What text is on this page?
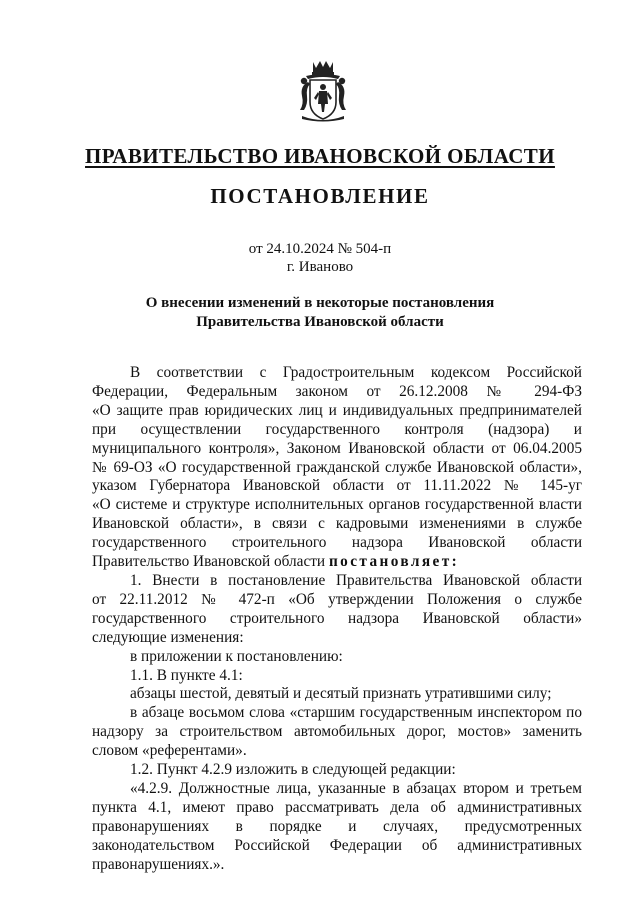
ПРАВИТЕЛЬСТВО ИВАНОВСКОЙ ОБЛАСТИ
ПОСТАНОВЛЕНИЕ
от 24.10.2024 № 504-п
г. Иваново
О внесении изменений в некоторые постановления
Правительства Ивановской области
В соответствии с Градостроительным кодексом Российской
Федерации, Федеральным законом от 26.12.2008 № 294-ФЗ
«О защите прав юридических лиц и индивидуальных предпринимателей
при осуществлении государственного контроля (надзора) и
муниципального контроля», Законом Ивановской области от 06.04.2005
№ 69-ОЗ «О государственной гражданской службе Ивановской области»,
указом Губернатора Ивановской области от 11.11.2022 № 145-уг
«О системе и структуре исполнительных органов государственной власти
Ивановской области», в связи с кадровыми изменениями в службе
государственного строительного надзора Ивановской области
Правительство Ивановской области постановляет:
1. Внести в постановление Правительства Ивановской области
от 22.11.2012 № 472-п «Об утверждении Положения о службе
государственного строительного надзора Ивановской области»
следующие изменения:
в приложении к постановлению:
1.1. В пункте 4.1:
абзацы шестой, девятый и десятый признать утратившими силу;
в абзаце восьмом слова «старшим государственным инспектором по
надзору за строительством автомобильных дорог, мостов» заменить
словом «референтами».
1.2. Пункт 4.2.9 изложить в следующей редакции:
«4.2.9. Должностные лица, указанные в абзацах втором и третьем
пункта 4.1, имеют право рассматривать дела об административных
правонарушениях в порядке и случаях, предусмотренных
законодательством Российской Федерации об административных
правонарушениях.».
